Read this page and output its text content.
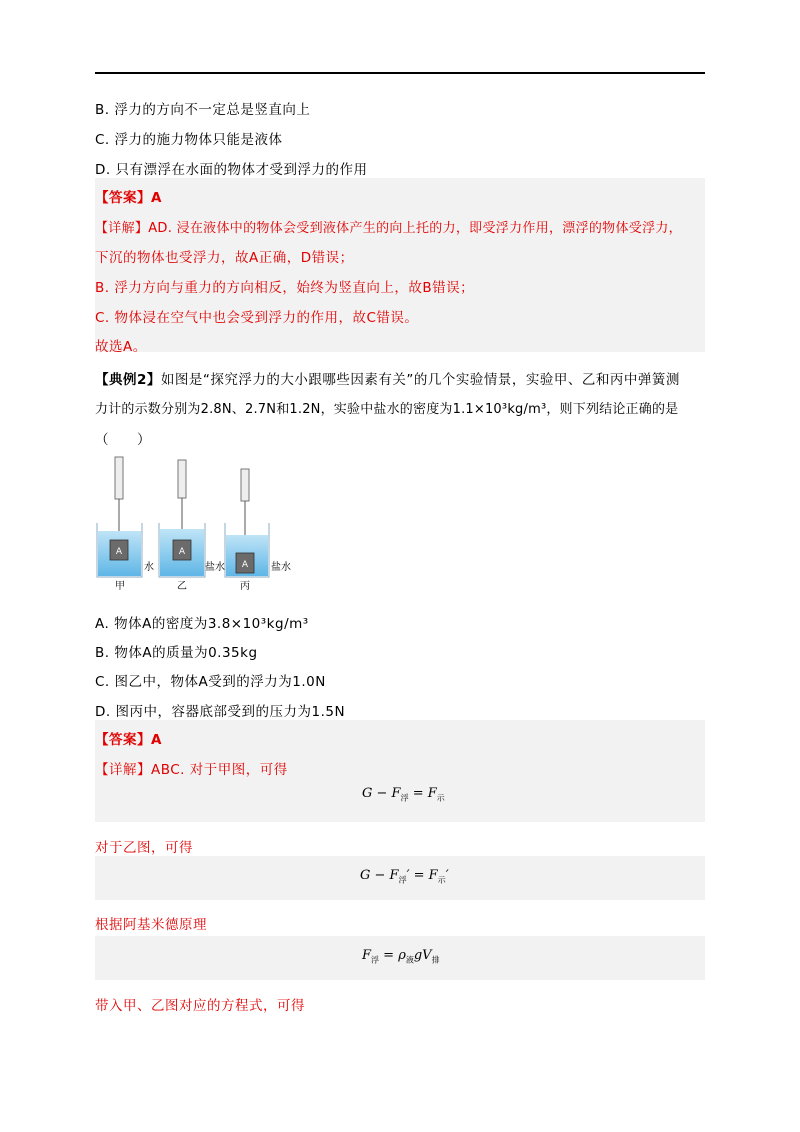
B. 浮力的方向不一定总是竖直向上
C. 浮力的施力物体只能是液体
D. 只有漂浮在水面的物体才受到浮力的作用
【答案】A
【详解】AD. 浸在液体中的物体会受到液体产生的向上托的力，即受浮力作用，漂浮的物体受浮力，
下沉的物体也受浮力，故A正确，D错误；
B. 浮力方向与重力的方向相反，始终为竖直向上，故B错误；
C. 物体浸在空气中也会受到浮力的作用，故C错误。
故选A。
【典例2】如图是“探究浮力的大小跟哪些因素有关”的几个实验情景，实验甲、乙和丙中弹簧测
力计的示数分别为2.8N、2.7N和1.2N，实验中盐水的密度为1.1×10³kg/m³，则下列结论正确的是
（　　）
A	A
A
甲
水
乙
盐水
丙
盐水
A. 物体A的密度为3.8×10³kg/m³
B. 物体A的质量为0.35kg
C. 图乙中，物体A受到的浮力为1.0N
D. 图丙中，容器底部受到的压力为1.5N
【答案】A
【详解】ABC. 对于甲图，可得
$G - F_浮 = F_示$
对于乙图，可得
$G - F_浮' = F_示'$
根据阿基米德原理
$F_浮 = \rho_液gV_排$
带入甲、乙图对应的方程式，可得
